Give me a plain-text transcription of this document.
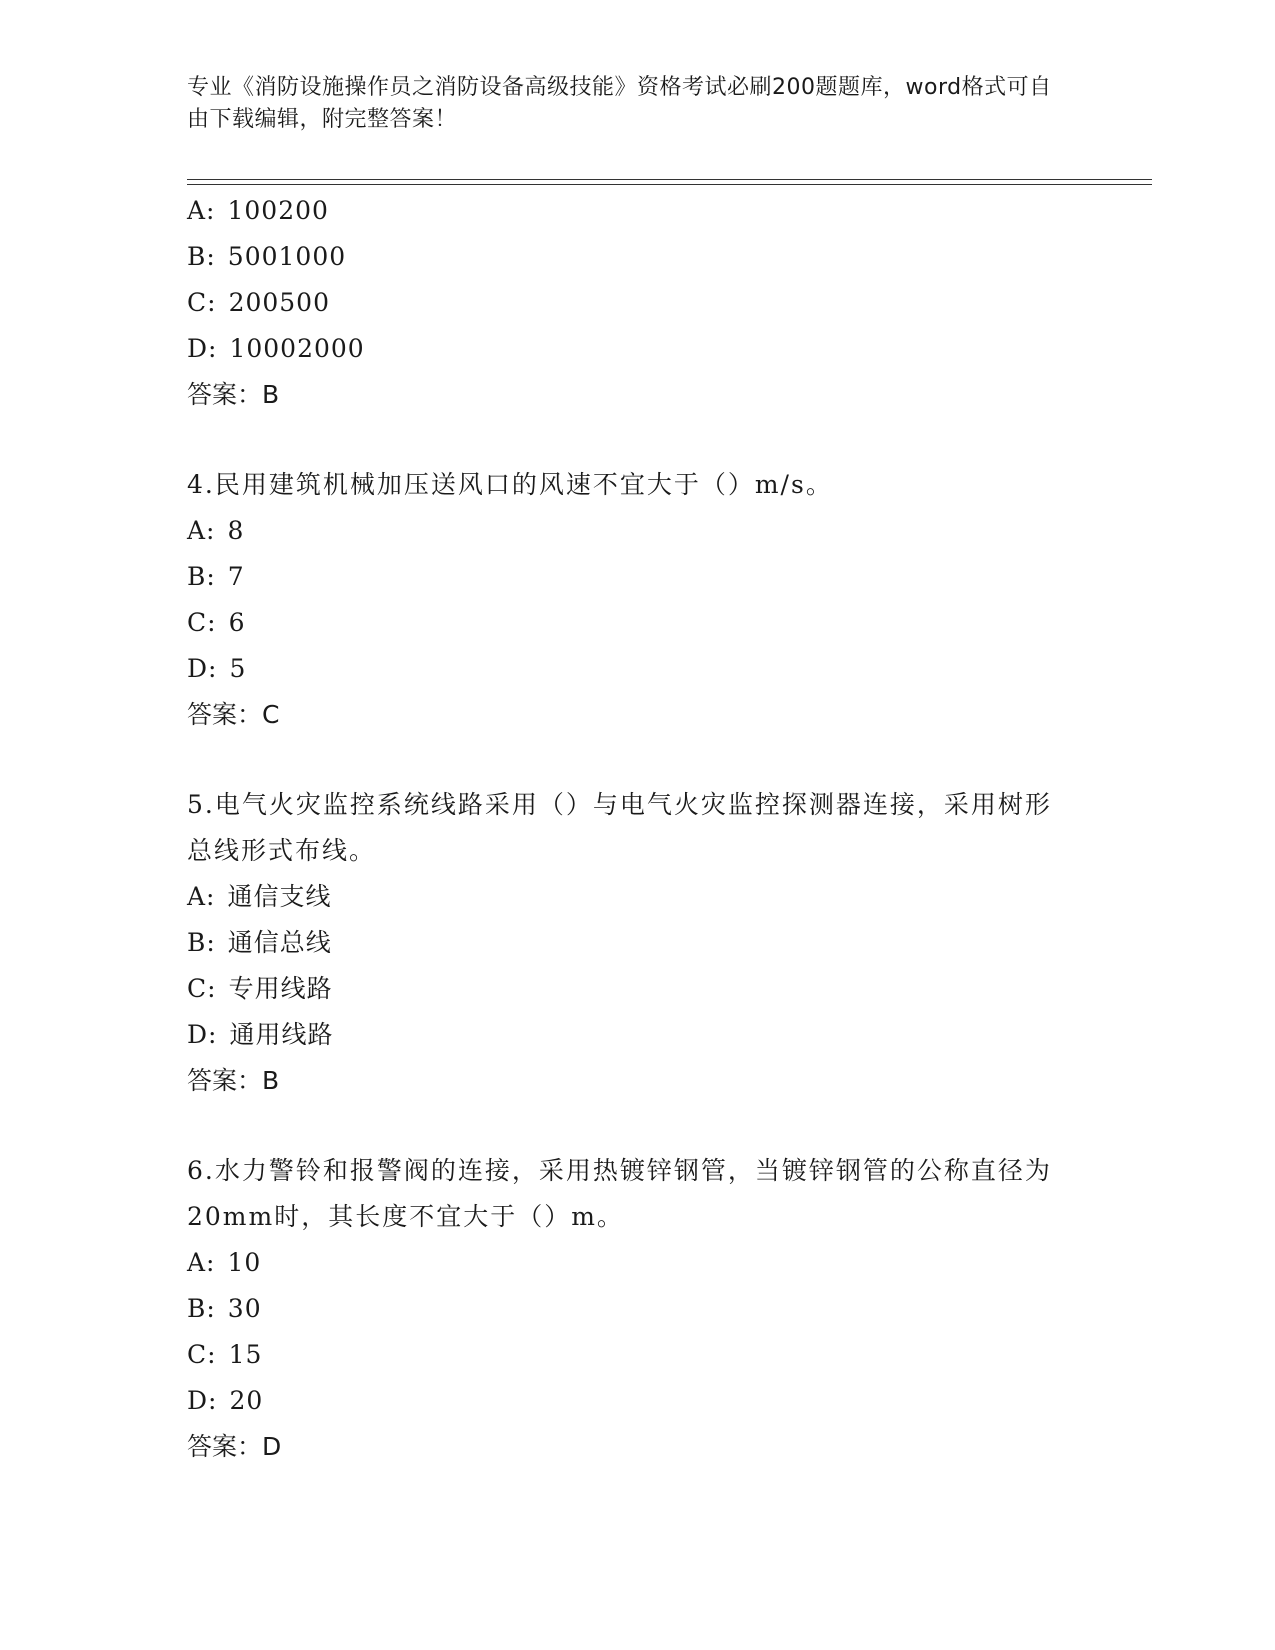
专业《消防设施操作员之消防设备高级技能》资格考试必刷200题题库，word格式可自由下载编辑，附完整答案！
A: 100200
B: 5001000
C: 200500
D: 10002000
答案：B
4.民用建筑机械加压送风口的风速不宜大于（）m/s。
A: 8
B: 7
C: 6
D: 5
答案：C
5.电气火灾监控系统线路采用（）与电气火灾监控探测器连接，采用树形总线形式布线。
A: 通信支线
B: 通信总线
C: 专用线路
D: 通用线路
答案：B
6.水力警铃和报警阀的连接，采用热镀锌钢管，当镀锌钢管的公称直径为20mm时，其长度不宜大于（）m。
A: 10
B: 30
C: 15
D: 20
答案：D
